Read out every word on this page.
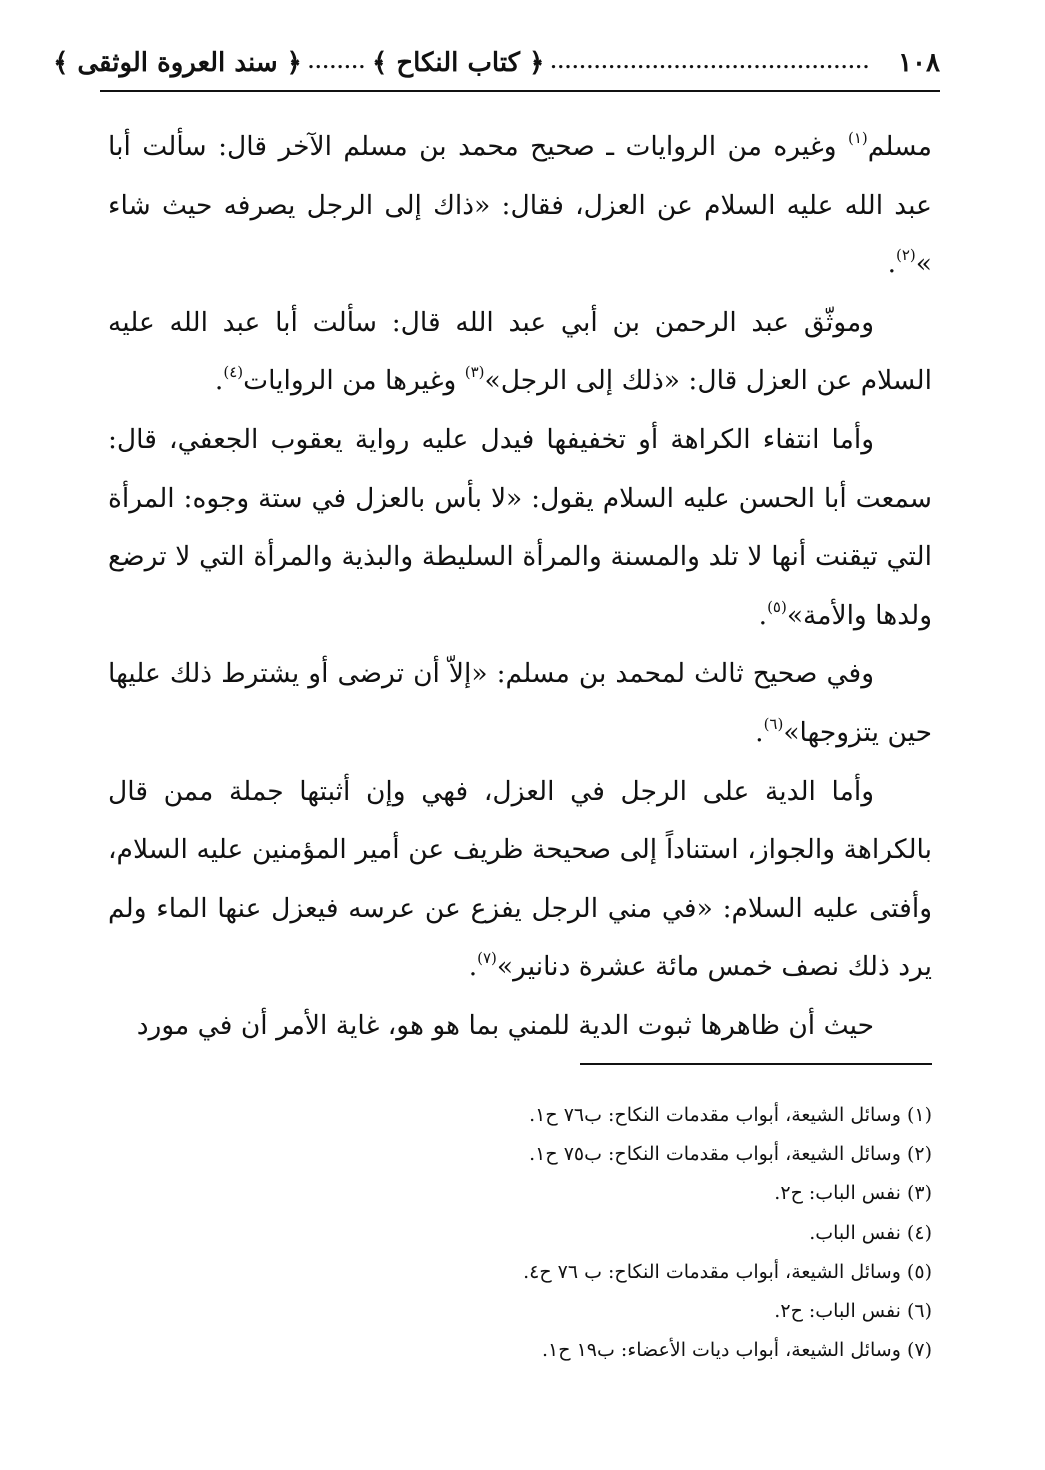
١٠٨
............................................
﴿ كتاب النكاح ﴾
........
﴿ سند العروة الوثقى ﴾

مسلم$^{(١)}$ وغيره من الروايات ـ صحيح محمد بن مسلم الآخر قال: سألت أبا عبد الله عليه السلام عن العزل، فقال: «ذاك إلى الرجل يصرفه حيث شاء »$^{(٢)}$.

وموثّق عبد الرحمن بن أبي عبد الله قال: سألت أبا عبد الله عليه السلام عن العزل قال: «ذلك إلى الرجل»$^{(٣)}$ وغيرها من الروايات$^{(٤)}$.

وأما انتفاء الكراهة أو تخفيفها فيدل عليه رواية يعقوب الجعفي، قال: سمعت أبا الحسن عليه السلام يقول: «لا بأس بالعزل في ستة وجوه: المرأة التي تيقنت أنها لا تلد والمسنة والمرأة السليطة والبذية والمرأة التي لا ترضع ولدها والأمة»$^{(٥)}$.

وفي صحيح ثالث لمحمد بن مسلم: «إلاّ أن ترضى أو يشترط ذلك عليها حين يتزوجها»$^{(٦)}$.

وأما الدية على الرجل في العزل، فهي وإن أثبتها جملة ممن قال بالكراهة والجواز، استناداً إلى صحيحة ظريف عن أمير المؤمنين عليه السلام، وأفتى عليه السلام: «في مني الرجل يفزع عن عرسه فيعزل عنها الماء ولم يرد ذلك نصف خمس مائة عشرة دنانير»$^{(٧)}$.

حيث أن ظاهرها ثبوت الدية للمني بما هو هو، غاية الأمر أن في مورد

(١) وسائل الشيعة، أبواب مقدمات النكاح: ب٧٦ ح١.
(٢) وسائل الشيعة، أبواب مقدمات النكاح: ب٧٥ ح١.
(٣) نفس الباب: ح٢.
(٤) نفس الباب.
(٥) وسائل الشيعة، أبواب مقدمات النكاح: ب ٧٦ ح٤.
(٦) نفس الباب: ح٢.
(٧) وسائل الشيعة، أبواب ديات الأعضاء: ب١٩ ح١.
